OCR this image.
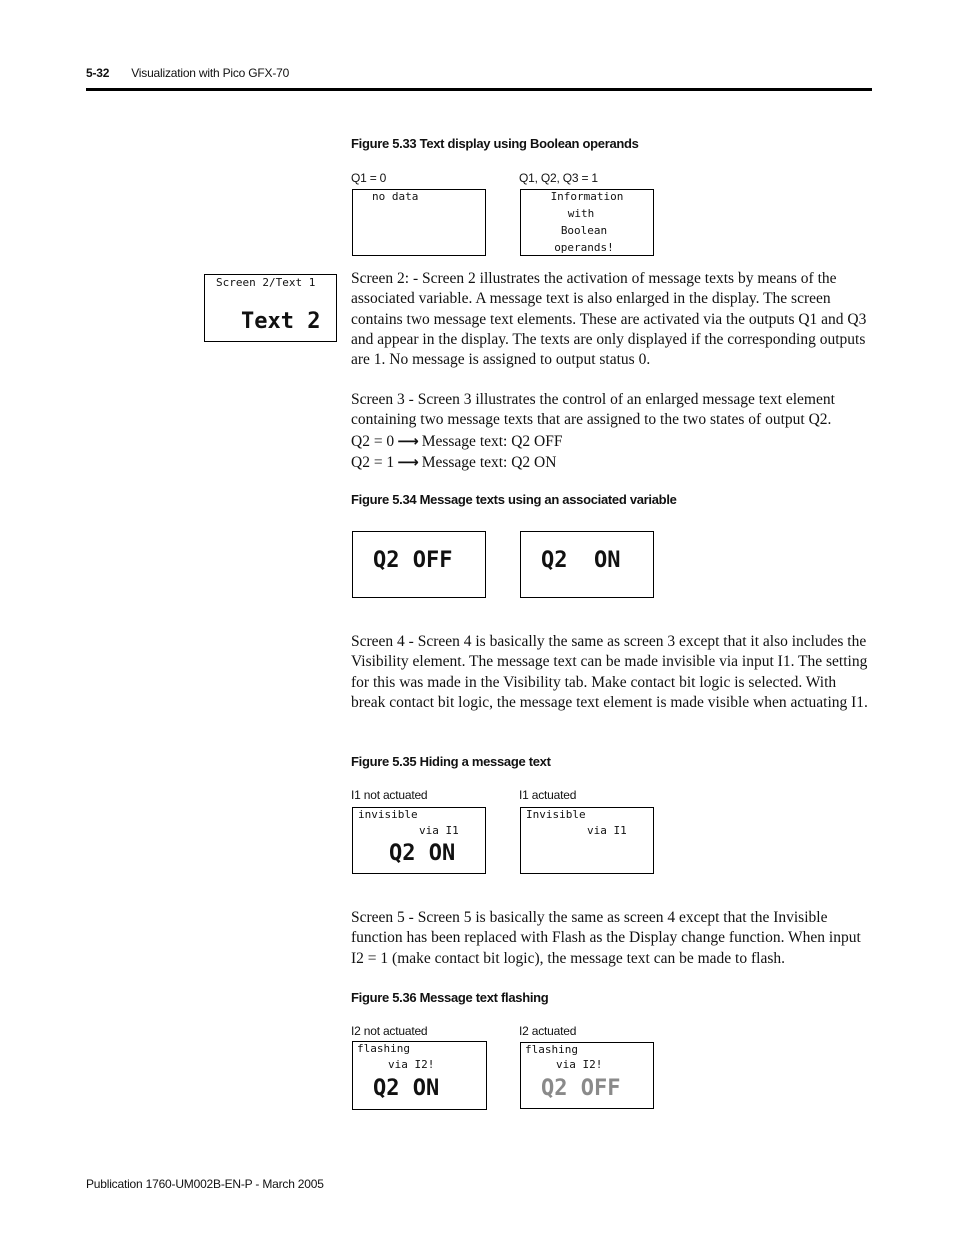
5-32 Visualization with Pico GFX-70
Figure 5.33 Text display using Boolean operands
Q1 = 0	Q1, Q2, Q3 = 1
no data	Information
with
Boolean
operands!
Screen 2/Text 1
Text 2

Screen 2: - Screen 2 illustrates the activation of message texts by means of the associated variable. A message text is also enlarged in the display. The screen contains two message text elements. These are activated via the outputs Q1 and Q3 and appear in the display. The texts are only displayed if the corresponding outputs are 1. No message is assigned to output status 0.

Screen 3 - Screen 3 illustrates the control of an enlarged message text element containing two message texts that are assigned to the two states of output Q2.

Q2 = 0 ⟶ Message text: Q2 OFF

Q2 = 1 ⟶ Message text: Q2 ON

Figure 5.34 Message texts using an associated variable
Q2 OFF	Q2  ON

Screen 4 - Screen 4 is basically the same as screen 3 except that it also includes the Visibility element. The message text can be made invisible via input I1. The setting for this was made in the Visibility tab. Make contact bit logic is selected. With break contact bit logic, the message text element is made visible when actuating I1.

Figure 5.35 Hiding a message text
I1 not actuated	I1 actuated
invisible
via I1
Q2 ON
Invisible
via I1

Screen 5 - Screen 5 is basically the same as screen 4 except that the Invisible function has been replaced with Flash as the Display change function. When input I2 = 1 (make contact bit logic), the message text can be made to flash.

Figure 5.36 Message text flashing
I2 not actuated	I2 actuated
flashing
via I2!
Q2 ON
flashing
via I2!
Q2 OFF
Publication 1760-UM002B-EN-P - March 2005
